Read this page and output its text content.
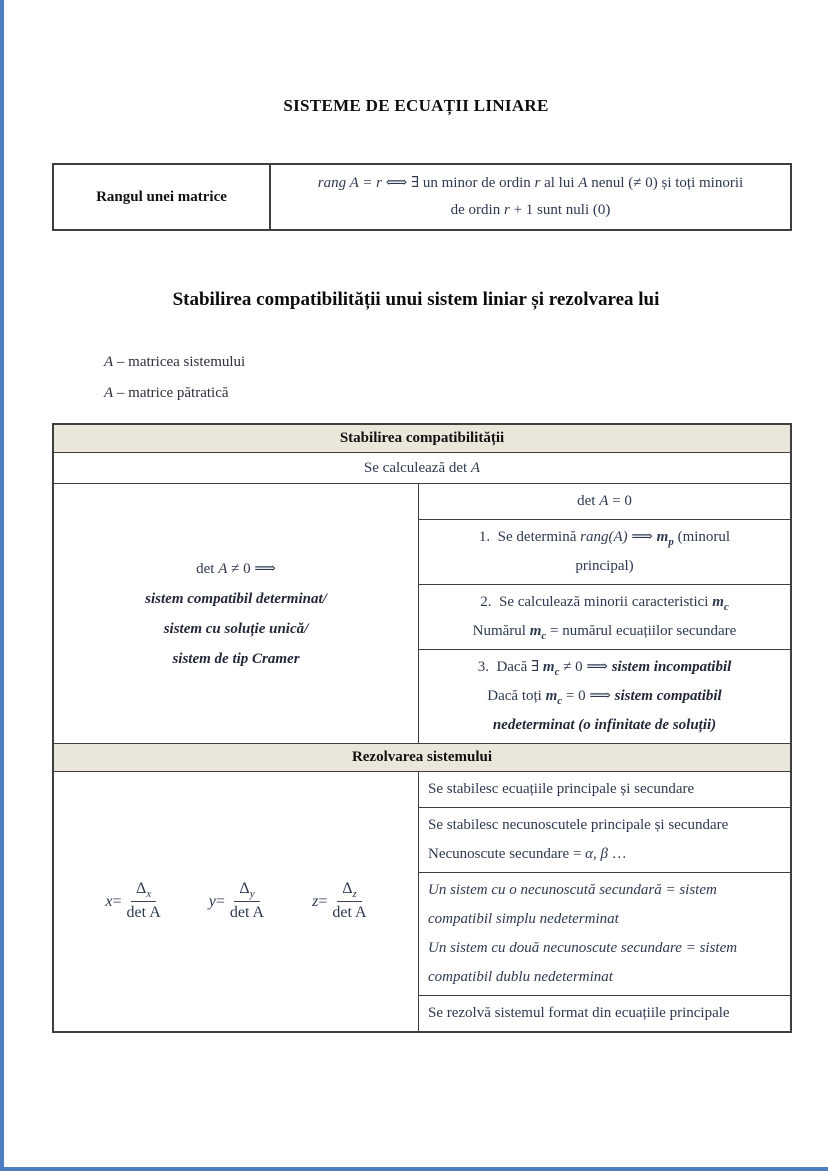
SISTEME DE ECUAȚII LINIARE
Rangul unei matrice
rang A = r ⟺ ∃ un minor de ordin r al lui A nenul (≠ 0) și toți minorii
de ordin r + 1 sunt nuli (0)
Stabilirea compatibilității unui sistem liniar și rezolvarea lui
A – matricea sistemului
A – matrice pătratică
Stabilirea compatibilității
Se calculează det A
det A ≠ 0 ⟹
sistem compatibil determinat/
sistem cu soluție unică/
sistem de tip Cramer
det A = 0
1.  Se determină rang(A) ⟹ $m_p$ (minorul
principal)
2.  Se calculează minorii caracteristici $m_c$
Numărul $m_c$ = numărul ecuațiilor secundare
3.  Dacă ∃ $m_c \ne 0$ ⟹ sistem incompatibil
Dacă toți $m_c = 0$ ⟹ sistem compatibil
nedeterminat (o infinitate de soluții)
Rezolvarea sistemului
$x = \frac{\Delta_x}{\text{det A}}$	$y = \frac{\Delta_y}{\text{det A}}$	$z = \frac{\Delta_z}{\text{det A}}$
Se stabilesc ecuațiile principale și secundare
Se stabilesc necunoscutele principale și secundare
Necunoscute secundare = α, β …
Un sistem cu o necunoscută secundară = sistem
compatibil simplu nedeterminat
Un sistem cu două necunoscute secundare = sistem
compatibil dublu nedeterminat
Se rezolvă sistemul format din ecuațiile principale
